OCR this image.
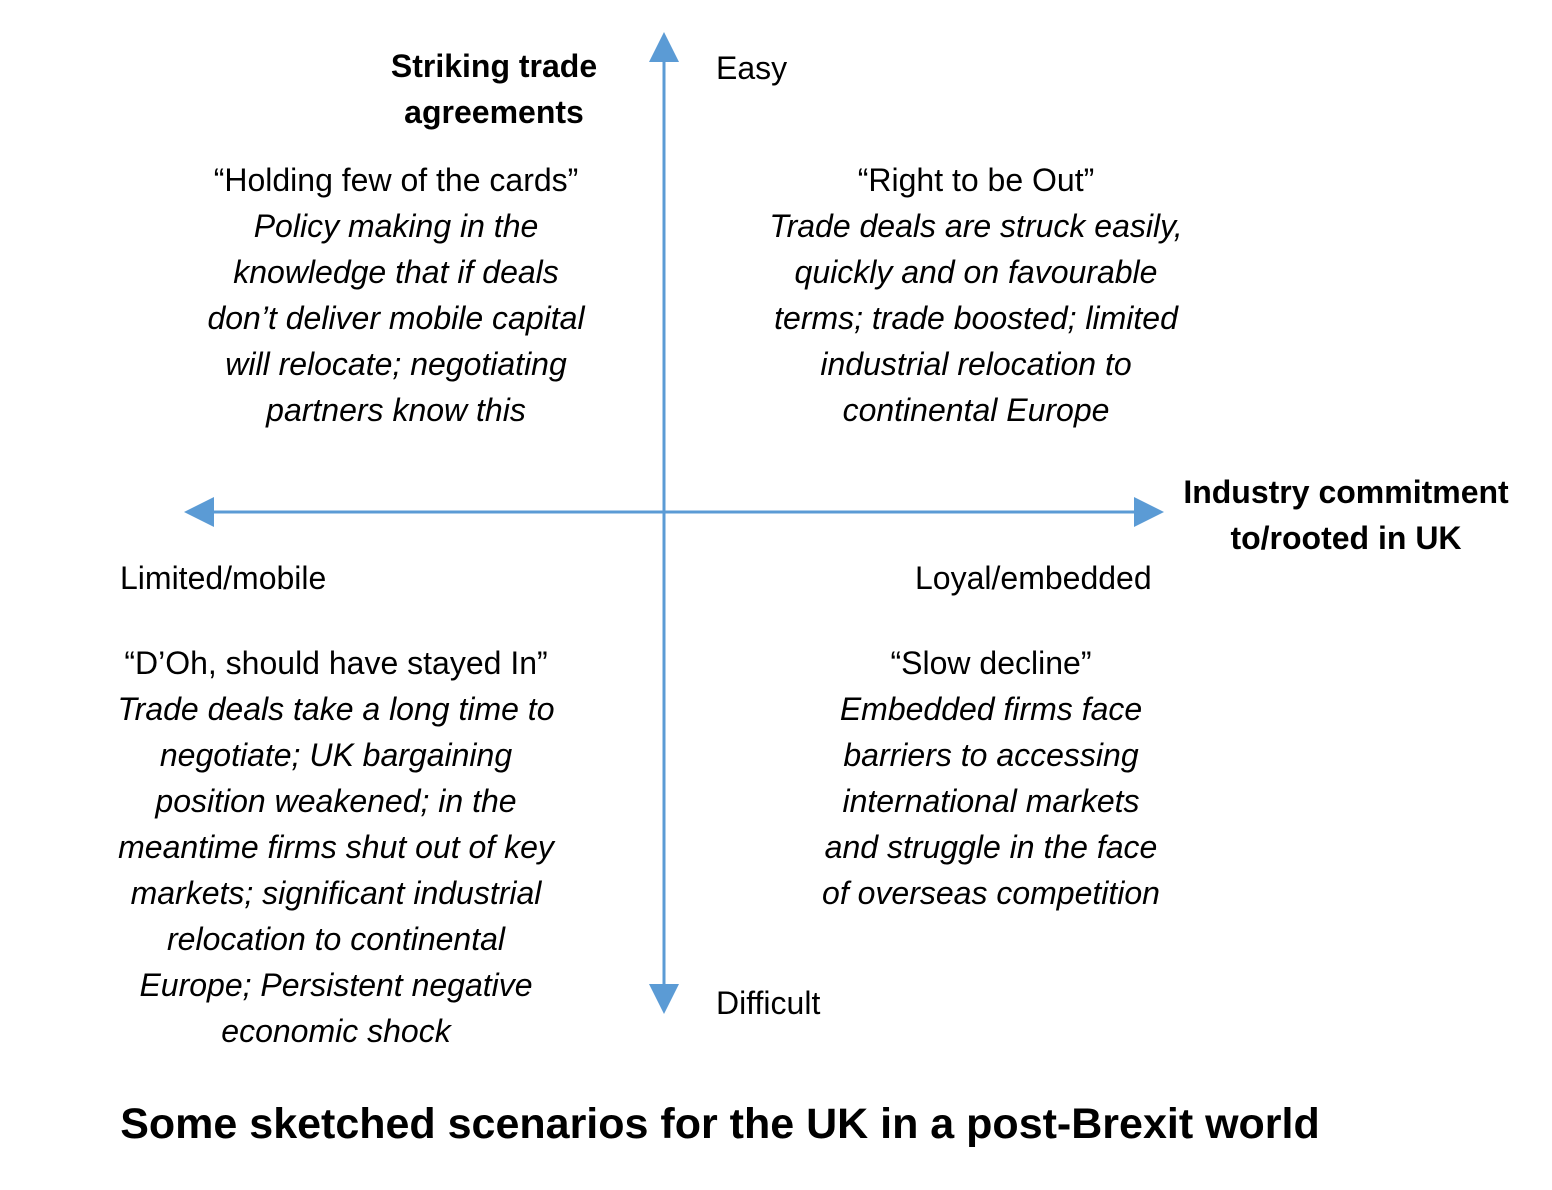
Striking trade
agreements
Easy
Difficult
Industry commitment
to/rooted in UK
Limited/mobile	Loyal/embedded
“Holding few of the cards”
Policy making in the
knowledge that if deals
don’t deliver mobile capital
will relocate; negotiating
partners know this
“Right to be Out”
Trade deals are struck easily,
quickly and on favourable
terms; trade boosted; limited
industrial relocation to
continental Europe
“D’Oh, should have stayed In”
Trade deals take a long time to
negotiate; UK bargaining
position weakened; in the
meantime firms shut out of key
markets; significant industrial
relocation to continental
Europe; Persistent negative
economic shock
“Slow decline”
Embedded firms face
barriers to accessing
international markets
and struggle in the face
of overseas competition
Some sketched scenarios for the UK in a post-Brexit world
